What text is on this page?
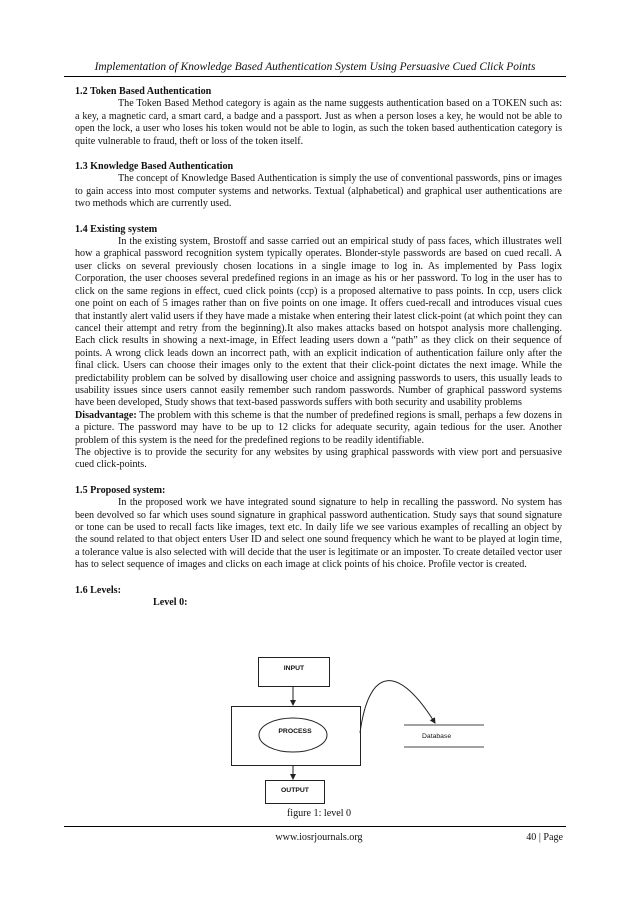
Implementation of Knowledge Based Authentication System Using Persuasive Cued Click Points

1.2 Token Based Authentication

The Token Based Method category is again as the name suggests authentication based on a TOKEN such as: a key, a magnetic card, a smart card, a badge and a passport. Just as when a person loses a key, he would not be able to open the lock, a user who loses his token would not be able to login, as such the token based authentication category is quite vulnerable to fraud, theft or loss of the token itself.

1.3 Knowledge Based Authentication

The concept of Knowledge Based Authentication is simply the use of conventional passwords, pins or images to gain access into most computer systems and networks. Textual (alphabetical) and graphical user authentications are two methods which are currently used.

1.4 Existing system

In the existing system, Brostoff and sasse carried out an empirical study of pass faces, which illustrates well how a graphical password recognition system typically operates. Blonder-style passwords are based on cued recall. A user clicks on several previously chosen locations in a single image to log in. As implemented by Pass logix Corporation, the user chooses several predefined regions in an image as his or her password. To log in the user has to click on the same regions in effect, cued click points (ccp) is a proposed alternative to pass points. In ccp, users click one point on each of 5 images rather than on five points on one image. It offers cued-recall and introduces visual cues that instantly alert valid users if they have made a mistake when entering their latest click-point (at which point they can cancel their attempt and retry from the beginning).It also makes attacks based on hotspot analysis more challenging. Each click results in showing a next-image, in Effect leading users down a “path” as they click on their sequence of points. A wrong click leads down an incorrect path, with an explicit indication of authentication failure only after the final click. Users can choose their images only to the extent that their click-point dictates the next image. While the predictability problem can be solved by disallowing user choice and assigning passwords to users, this usually leads to usability issues since users cannot easily remember such random passwords. Number of graphical password systems have been developed, Study shows that text-based passwords suffers with both security and usability problems

Disadvantage: The problem with this scheme is that the number of predefined regions is small, perhaps a few dozens in a picture. The password may have to be up to 12 clicks for adequate security, again tedious for the user. Another problem of this system is the need for the predefined regions to be readily identifiable.

The objective is to provide the security for any websites by using graphical passwords with view port and persuasive cued click-points.

1.5 Proposed system:

In the proposed work we have integrated sound signature to help in recalling the password. No system has been devolved so far which uses sound signature in graphical password authentication. Study says that sound signature or tone can be used to recall facts like images, text etc. In daily life we see various examples of recalling an object by the sound related to that object enters User ID and select one sound frequency which he want to be played at login time, a tolerance value is also selected with will decide that the user is legitimate or an imposter. To create detailed vector user has to select sequence of images and clicks on each image at click points of his choice. Profile vector is created.

1.6 Levels:

Level 0:

INPUT
PROCESS
OUTPUT
Database
figure 1: level 0
www.iosrjournals.org	40 | Page
